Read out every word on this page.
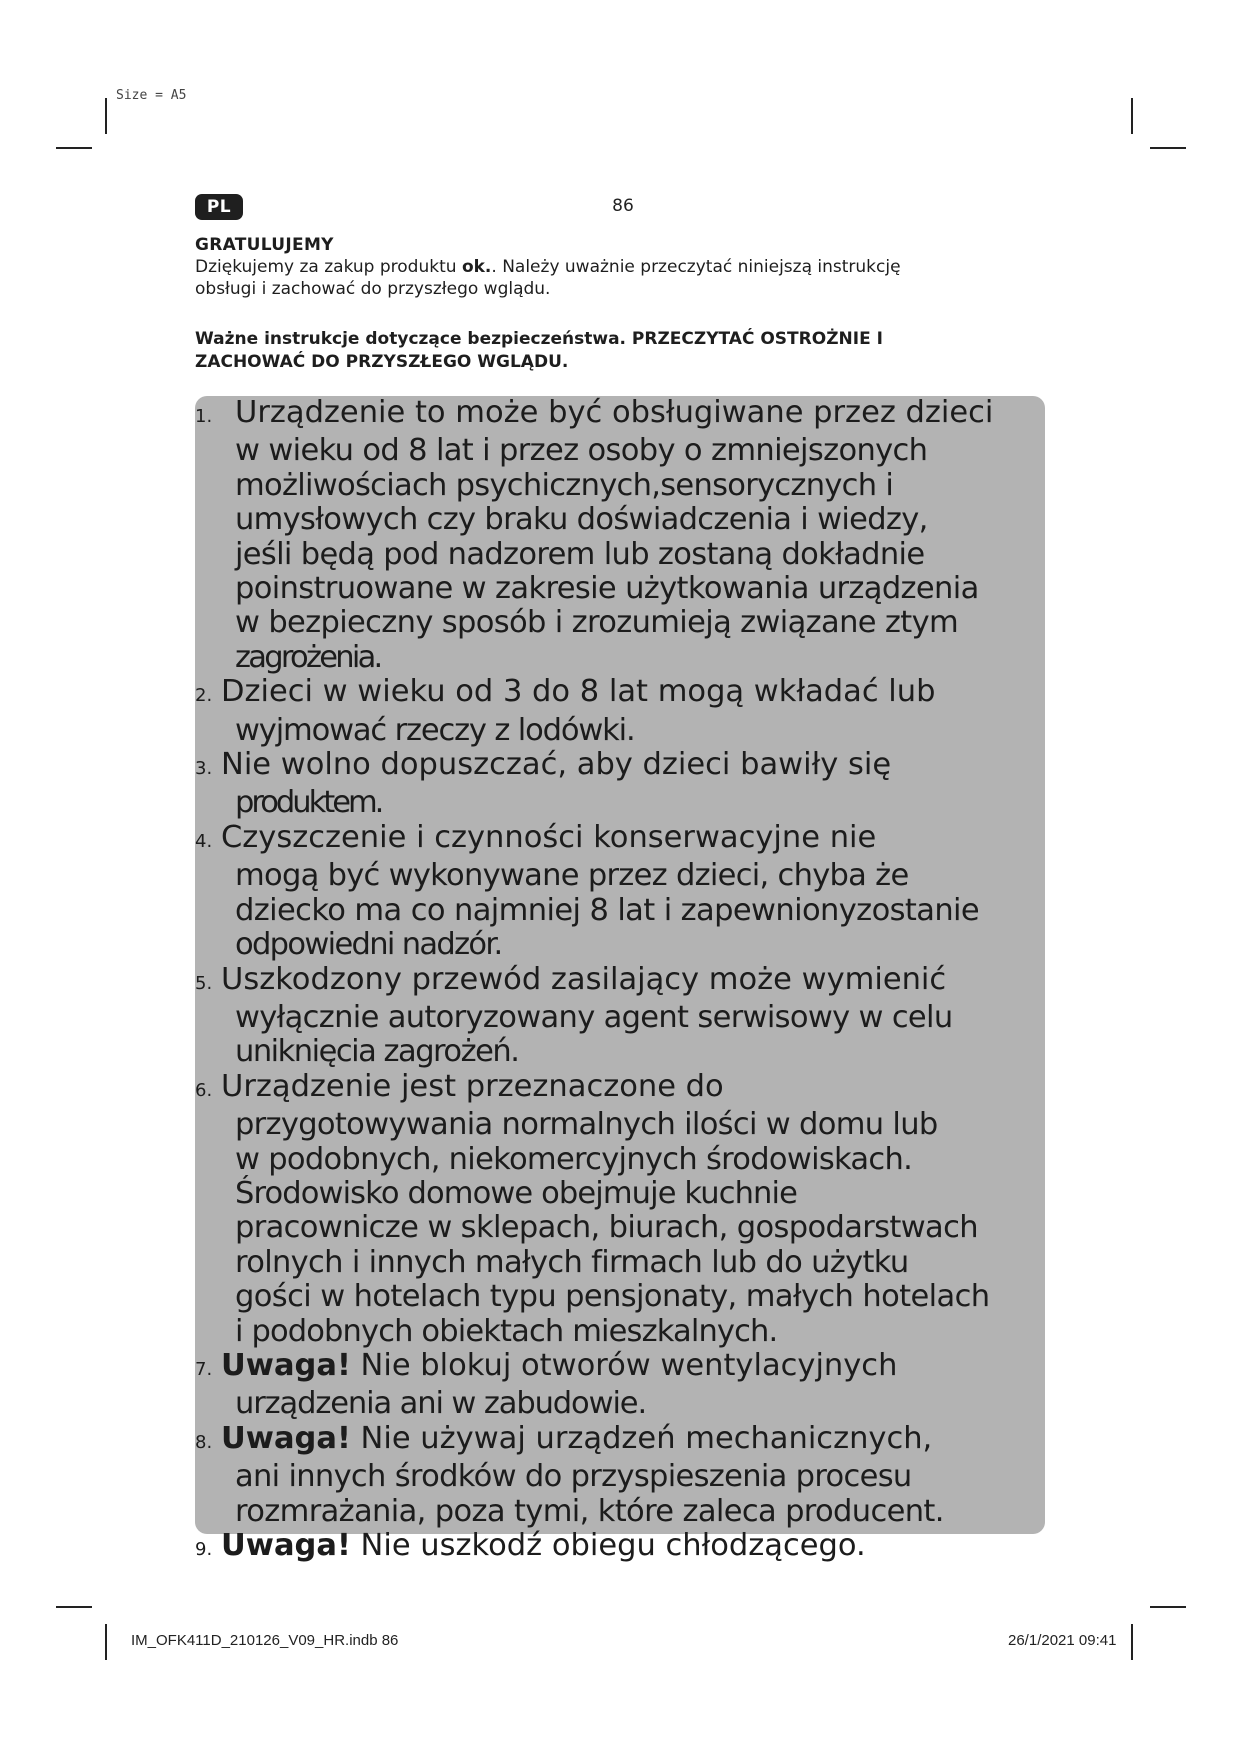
Size = A5
PL	86
GRATULUJEMY

Dziękujemy za zakup produktu ok.. Należy uważnie przeczytać niniejszą instrukcję

obsługi i zachować do przyszłego wglądu.

Ważne instrukcje dotyczące bezpieczeństwa. PRZECZYTAĆ OSTROŻNIE I
ZACHOWAĆ DO PRZYSZŁEGO WGLĄDU.
1. Urządzenie to może być obsługiwane przez dzieci
w wieku od 8 lat i przez osoby o zmniejszonych
możliwościach psychicznych,sensorycznych i
umysłowych czy braku doświadczenia i wiedzy,
jeśli będą pod nadzorem lub zostaną dokładnie
poinstruowane w zakresie użytkowania urządzenia
w bezpieczny sposób i zrozumieją związane ztym
zagrożenia.
2. Dzieci w wieku od 3 do 8 lat mogą wkładać lub
wyjmować rzeczy z lodówki.
3. Nie wolno dopuszczać, aby dzieci bawiły się
produktem.
4. Czyszczenie i czynności konserwacyjne nie
mogą być wykonywane przez dzieci, chyba że
dziecko ma co najmniej 8 lat i zapewnionyzostanie
odpowiedni nadzór.
5. Uszkodzony przewód zasilający może wymienić
wyłącznie autoryzowany agent serwisowy w celu
uniknięcia zagrożeń.
6. Urządzenie jest przeznaczone do
przygotowywania normalnych ilości w domu lub
w podobnych, niekomercyjnych środowiskach.
Środowisko domowe obejmuje kuchnie
pracownicze w sklepach, biurach, gospodarstwach
rolnych i innych małych firmach lub do użytku
gości w hotelach typu pensjonaty, małych hotelach
i podobnych obiektach mieszkalnych.
7. Uwaga! Nie blokuj otworów wentylacyjnych
urządzenia ani w zabudowie.
8. Uwaga! Nie używaj urządzeń mechanicznych,
ani innych środków do przyspieszenia procesu
rozmrażania, poza tymi, które zaleca producent.
9. Uwaga! Nie uszkodź obiegu chłodzącego.
IM_OFK411D_210126_V09_HR.indb 86	26/1/2021 09:41
